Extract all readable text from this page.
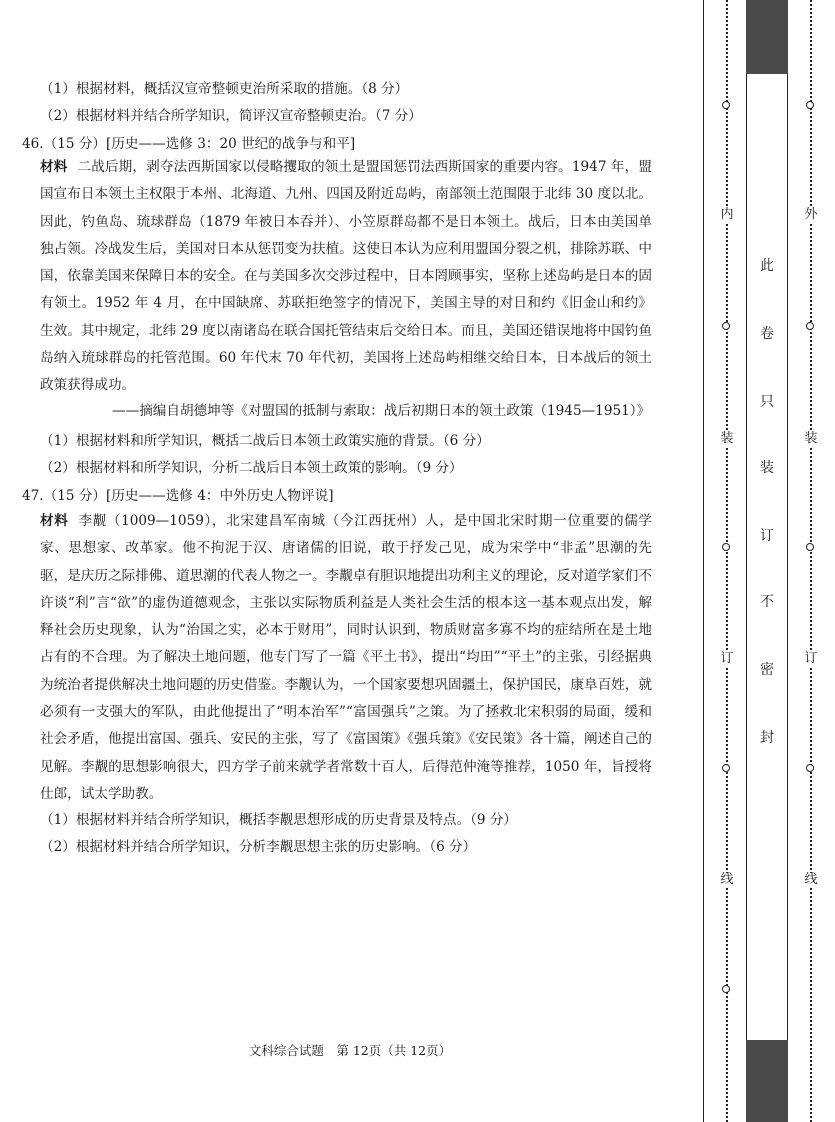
（1）根据材料，概括汉宣帝整顿吏治所采取的措施。（8 分）
（2）根据材料并结合所学知识，简评汉宣帝整顿吏治。（7 分）
46.（15 分）[历史——选修 3：20 世纪的战争与和平]

材料 二战后期，剥夺法西斯国家以侵略攫取的领土是盟国惩罚法西斯国家的重要内容。1947 年，盟国宣布日本领土主权限于本州、北海道、九州、四国及附近岛屿，南部领土范围限于北纬 30 度以北。因此，钓鱼岛、琉球群岛（1879 年被日本吞并）、小笠原群岛都不是日本领土。战后，日本由美国单独占领。冷战发生后，美国对日本从惩罚变为扶植。这使日本认为应利用盟国分裂之机，排除苏联、中国，依靠美国来保障日本的安全。在与美国多次交涉过程中，日本罔顾事实，坚称上述岛屿是日本的固有领土。1952 年 4 月，在中国缺席、苏联拒绝签字的情况下，美国主导的对日和约《旧金山和约》生效。其中规定，北纬 29 度以南诸岛在联合国托管结束后交给日本。而且，美国还错误地将中国钓鱼岛纳入琉球群岛的托管范围。60 年代末 70 年代初，美国将上述岛屿相继交给日本，日本战后的领土政策获得成功。

——摘编自胡德坤等《对盟国的抵制与索取：战后初期日本的领土政策（1945—1951）》
（1）根据材料和所学知识，概括二战后日本领土政策实施的背景。（6 分）
（2）根据材料和所学知识，分析二战后日本领土政策的影响。（9 分）
47.（15 分）[历史——选修 4：中外历史人物评说]

材料 李觏（1009—1059），北宋建昌军南城（今江西抚州）人，是中国北宋时期一位重要的儒学家、思想家、改革家。他不拘泥于汉、唐诸儒的旧说，敢于抒发己见，成为宋学中“非孟”思潮的先驱，是庆历之际排佛、道思潮的代表人物之一。李觏卓有胆识地提出功利主义的理论，反对道学家们不许谈“利”言“欲”的虚伪道德观念，主张以实际物质利益是人类社会生活的根本这一基本观点出发，解释社会历史现象，认为“治国之实，必本于财用”，同时认识到，物质财富多寡不均的症结所在是土地占有的不合理。为了解决土地问题，他专门写了一篇《平土书》，提出“均田”“平土”的主张，引经据典为统治者提供解决土地问题的历史借鉴。李觏认为，一个国家要想巩固疆土，保护国民，康阜百姓，就必须有一支强大的军队，由此他提出了“明本治军”“富国强兵”之策。为了拯救北宋积弱的局面，缓和社会矛盾，他提出富国、强兵、安民的主张，写了《富国策》《强兵策》《安民策》各十篇，阐述自己的见解。李觏的思想影响很大，四方学子前来就学者常数十百人，后得范仲淹等推荐，1050 年，旨授将仕郎，试太学助教。

（1）根据材料并结合所学知识，概括李觏思想形成的历史背景及特点。（9 分）
（2）根据材料并结合所学知识，分析李觏思想主张的历史影响。（6 分）
文科综合试题　第 12页（共 12页）
内
装
订
线
此
卷
只
装
订
不
密
封
外
装
订
线
